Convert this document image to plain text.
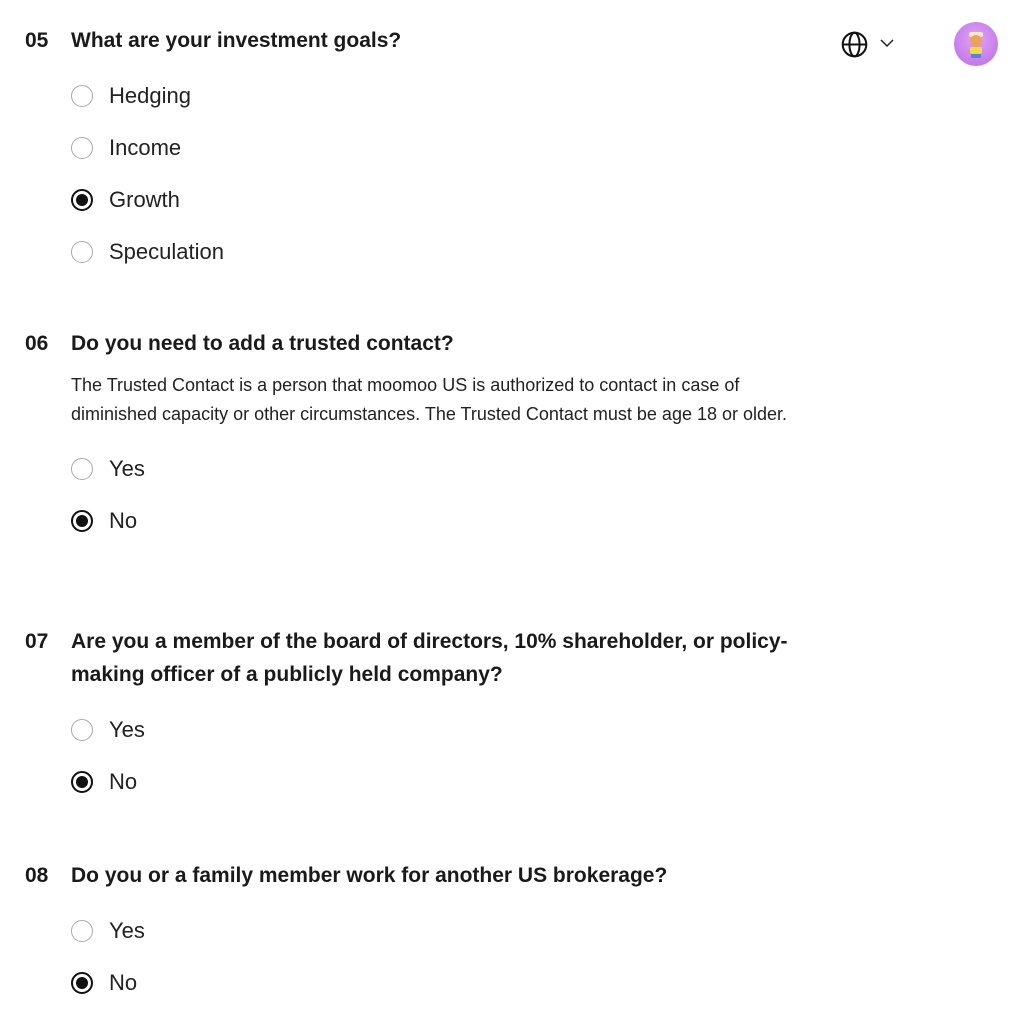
05	What are your investment goals?
Hedging
Income
Growth
Speculation
06	Do you need to add a trusted contact?
The Trusted Contact is a person that moomoo US is authorized to contact in case of diminished capacity or other circumstances. The Trusted Contact must be age 18 or older.
Yes
No
07	Are you a member of the board of directors, 10% shareholder, or policy-making officer of a publicly held company?
Yes
No
08	Do you or a family member work for another US brokerage?
Yes
No
